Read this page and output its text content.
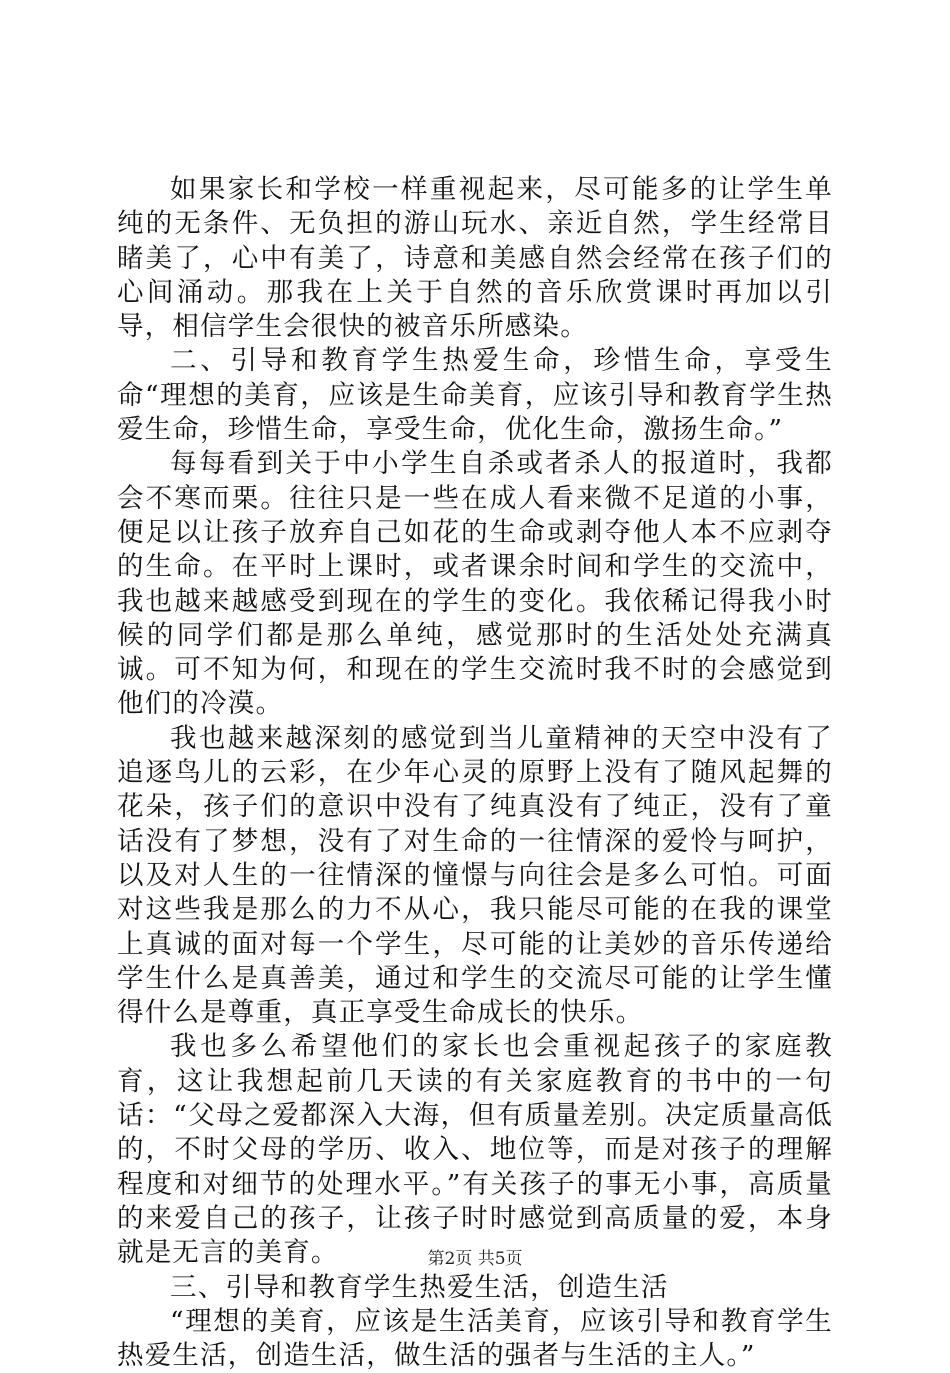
如果家长和学校一样重视起来，尽可能多的让学生单纯的无条件、无负担的游山玩水、亲近自然，学生经常目睹美了，心中有美了，诗意和美感自然会经常在孩子们的心间涌动。那我在上关于自然的音乐欣赏课时再加以引导，相信学生会很快的被音乐所感染。

二、引导和教育学生热爱生命，珍惜生命，享受生命“理想的美育，应该是生命美育，应该引导和教育学生热爱生命，珍惜生命，享受生命，优化生命，激扬生命。”

每每看到关于中小学生自杀或者杀人的报道时，我都会不寒而栗。往往只是一些在成人看来微不足道的小事，便足以让孩子放弃自己如花的生命或剥夺他人本不应剥夺的生命。在平时上课时，或者课余时间和学生的交流中，我也越来越感受到现在的学生的变化。我依稀记得我小时候的同学们都是那么单纯，感觉那时的生活处处充满真诚。可不知为何，和现在的学生交流时我不时的会感觉到他们的冷漠。

我也越来越深刻的感觉到当儿童精神的天空中没有了追逐鸟儿的云彩，在少年心灵的原野上没有了随风起舞的花朵，孩子们的意识中没有了纯真没有了纯正，没有了童话没有了梦想，没有了对生命的一往情深的爱怜与呵护，以及对人生的一往情深的憧憬与向往会是多么可怕。可面对这些我是那么的力不从心，我只能尽可能的在我的课堂上真诚的面对每一个学生，尽可能的让美妙的音乐传递给学生什么是真善美，通过和学生的交流尽可能的让学生懂得什么是尊重，真正享受生命成长的快乐。

我也多么希望他们的家长也会重视起孩子的家庭教育，这让我想起前几天读的有关家庭教育的书中的一句话：“父母之爱都深入大海，但有质量差别。决定质量高低的，不时父母的学历、收入、地位等，而是对孩子的理解程度和对细节的处理水平。”有关孩子的事无小事，高质量的来爱自己的孩子，让孩子时时感觉到高质量的爱，本身就是无言的美育。

三、引导和教育学生热爱生活，创造生活

“理想的美育，应该是生活美育，应该引导和教育学生热爱生活，创造生活，做生活的强者与生活的主人。”

第2页 共5页
